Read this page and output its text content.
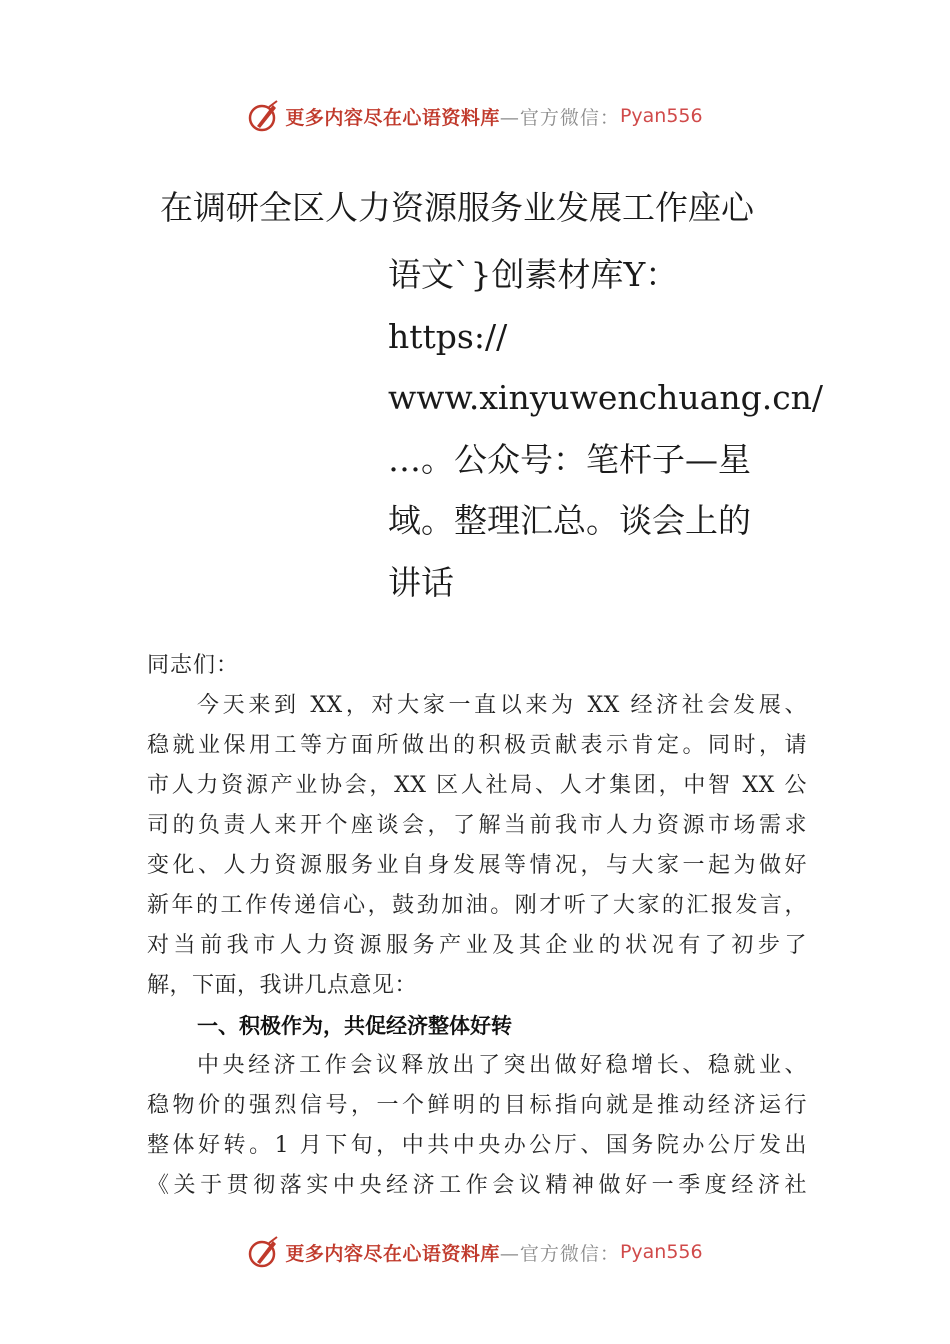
更多内容尽在心语资料库 —官方微信： Pyan556
在调研全区人力资源服务业发展工作座心
语文`}创素材库Y：
https://
www.xinyuwenchuang.cn/
…。公众号：笔杆子—星
域。整理汇总。谈会上的
讲话
同志们：
今天来到 XX，对大家一直以来为 XX 经济社会发展、
稳就业保用工等方面所做出的积极贡献表示肯定。同时，请
市人力资源产业协会，XX 区人社局、人才集团，中智 XX 公
司的负责人来开个座谈会，了解当前我市人力资源市场需求
变化、人力资源服务业自身发展等情况，与大家一起为做好
新年的工作传递信心，鼓劲加油。刚才听了大家的汇报发言，
对当前我市人力资源服务产业及其企业的状况有了初步了
解，下面，我讲几点意见：
一、积极作为，共促经济整体好转
中央经济工作会议释放出了突出做好稳增长、稳就业、
稳物价的强烈信号，一个鲜明的目标指向就是推动经济运行
整体好转。1 月下旬，中共中央办公厅、国务院办公厅发出
《关于贯彻落实中央经济工作会议精神做好一季度经济社
更多内容尽在心语资料库 —官方微信： Pyan556
